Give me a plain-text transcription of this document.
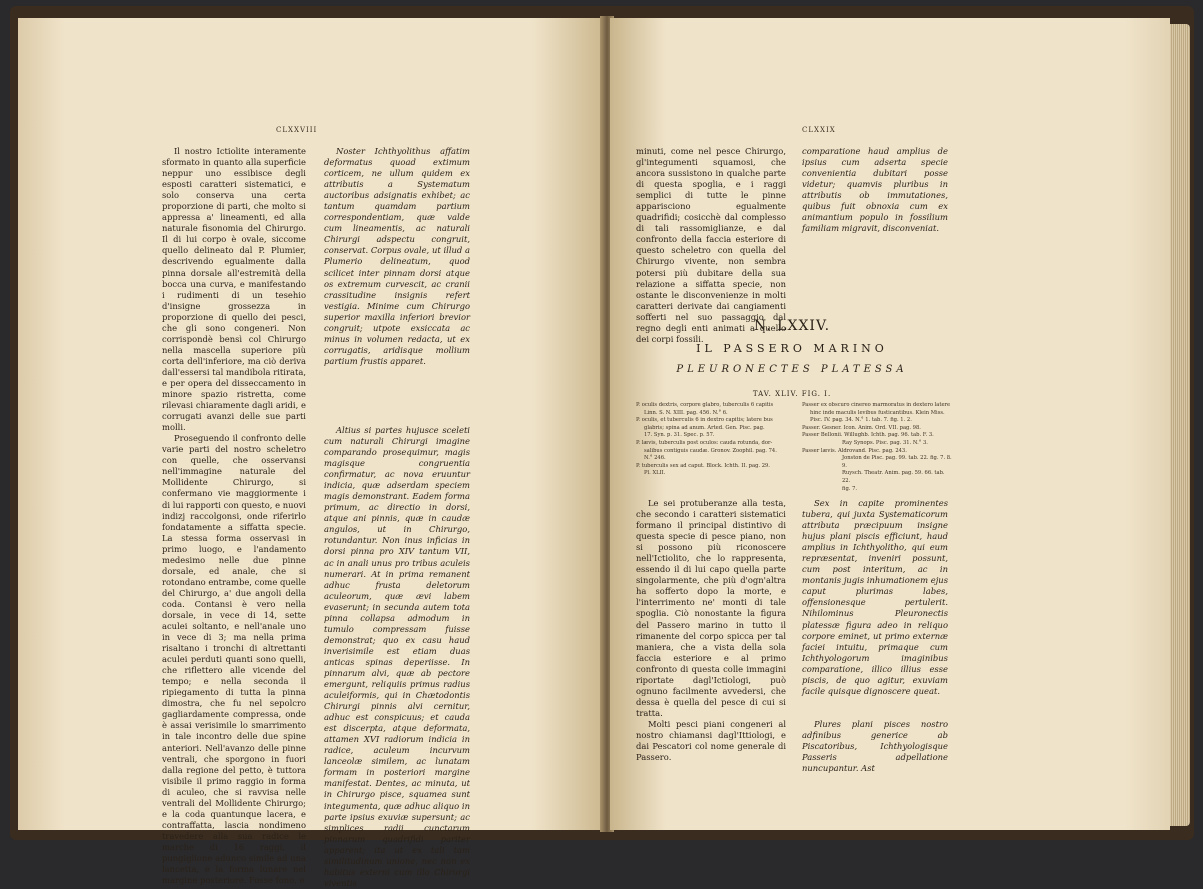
CLXXVIII

Il nostro Ictiolite interamente sformato in quanto alla superficie neppur uno essibisce degli esposti caratteri sistematici, e solo conserva una certa proporzione di parti, che molto si appressa a' lineamenti, ed alla naturale fisonomia del Chirurgo. Il di lui corpo è ovale, siccome quello delineato dal P. Plumier, descrivendo egualmente dalla pinna dorsale all'estremità della bocca una curva, e manifestando i rudimenti di un tesehio d'insigne grossezza in proporzione di quello dei pesci, che gli sono congeneri. Non corrispondè bensì col Chirurgo nella mascella superiore più corta dell'inferiore, ma ciò deriva dall'essersi tal mandibola ritirata, e per opera del disseccamento in minore spazio ristretta, come rilevasi chiaramente dagli aridi, e corrugati avanzi delle sue parti molli.

Proseguendo il confronto delle varie parti del nostro scheletro con quelle, che osservansi nell'immagine naturale del Mollidente Chirurgo, si confermano vie maggiormente i di lui rapporti con questo, e nuovi indizj raccolgonsi, onde riferirlo fondatamente a siffatta specie. La stessa forma osservasi in primo luogo, e l'andamento medesimo nelle due pinne dorsale, ed anale, che si rotondano entrambe, come quelle del Chirurgo, a' due angoli della coda. Contansi è vero nella dorsale, in vece di 14, sette aculei soltanto, e nell'anale uno in vece di 3; ma nella prima risaltano i tronchi di altrettanti aculei perduti quanti sono quelli, che riflettero alle vicende del tempo; e nella seconda il ripiegamento di tutta la pinna dimostra, che fu nel sepolcro gagliardamente compressa, onde è assai verisimile lo smarrimento in tale incontro delle due spine anteriori. Nell'avanzo delle pinne ventrali, che sporgono in fuori dalla regione del petto, è tuttora visibile il primo raggio in forma di aculeo, che si ravvisa nelle ventrali del Mollidente Chirurgo; e la coda quantunque lacera, e contraffatta, lascia nondimeno travedere alla sua radice le marche di 16 raggi, il pungiglione adunco simile ad una lancetta, e la forma lunare nel margine posteriore. Fosse fono, e

Noster Ichthyolithus affatim deformatus quoad extimum corticem, ne ullum quidem ex attributis a Systematum auctoribus adsignatis exhibet; ac tantum quamdam partium correspondentiam, quæ valde cum lineamentis, ac naturali Chirurgi adspectu congruit, conservat. Corpus ovale, ut illud a Plumerio delineatum, quod scilicet inter pinnam dorsi atque os extremum curvescit, ac cranii crassitudine insignis refert vestigia. Minime cum Chirurgo superior maxilla inferiori brevior congruit; utpote exsiccata ac minus in volumen redacta, ut ex corrugatis, aridisque mollium partium frustis apparet.

Altius si partes hujusce sceleti cum naturali Chirurgi imagine comparando prosequimur, magis magisque congruentia confirmatur, ac nova eruuntur indicia, quæ adserdam speciem magis demonstrant. Eadem forma primum, ac directio in dorsi, atque ani pinnis, quæ in caudæ angulos, ut in Chirurgo, rotundantur. Non inus inficias in dorsi pinna pro XIV tantum VII, ac in anali unus pro tribus aculeis numerari. At in prima remanent adhuc frusta deletorum aculeorum, quæ ævi labem evaserunt; in secunda autem tota pinna collapsa admodum in tumulo compressam fuisse demonstrat; quo ex casu haud inverisimile est etiam duas anticas spinas deperiisse. In pinnarum alvi, quæ ab pectore emergunt, reliquiis primus radius aculeiformis, qui in Chætodontis Chirurgi pinnis alvi cernitur, adhuc est conspicuus; et cauda est discerpta, atque deformata, attamen XVI radiorum indicia in radice, aculeum incurvum lanceolæ similem, ac lunatam formam in posteriori margine manifestat. Dentes, ac minuta, ut in Chirurgo pisce, squamea sunt integumenta, quæ adhuc aliquo in parte ipsius exuviæ supersunt; ac simplices radii cunctarum pinnarum quadrifidi pariter apparent; ita ut ex tali tam similitudinum unione, nec non ex habitus externi cum illo Chirurgi viventis

CLXXIX

minuti, come nel pesce Chirurgo, gl'integumenti squamosi, che ancora sussistono in qualche parte di questa spoglia, e i raggi semplici di tutte le pinne apparisciono egualmente quadrifidi; cosicchè dal complesso di tali rassomiglianze, e dal confronto della faccia esteriore di questo scheletro con quella del Chirurgo vivente, non sembra potersi più dubitare della sua relazione a siffatta specie, non ostante le disconvenienze in molti caratteri derivate dai cangiamenti sofferti nel suo passaggio dal regno degli enti animati a quello dei corpi fossili.

comparatione haud amplius de ipsius cum adserta specie convenientia dubitari posse videtur; quamvis pluribus in attributis ob immutationes, quibus fuit obnoxia cum ex animantium populo in fossilium familiam migravit, disconveniat.

N. LXXIV.
IL PASSERO MARINO
PLEURONECTES PLATESSA
TAV. XLIV. FIG. I.
P. oculis dextris, corpore glabro, tuberculis 6 capitis
Linn. S. N. XIII. pag. 456. N.° 6.
P. oculis, et tuberculis 6 in dextro capitis; latere bus
glabris; spina ad anum. Arted. Gen. Pisc. pag.
17. Syn. p. 31. Spec. p. 57.
P. lævis, tuberculis post oculos: cauda rotunda, dor-
salibus contiguis caudæ. Gronov. Zoophil. pag. 74.
N.° 246.
P. tuberculis sex ad caput. Block. Ichth. II. pag. 29.
Pl. XLII.
Passer ex obscuro cinereo marmoratus in dextero latere
hinc inde maculis levibus fusticantibus. Klein Miss.
Pisc. IV. pag. 34. N.° 1. tab. 7. fig. 1. 2.
Passer. Gesner. Icon. Anim. Ord. VII. pag. 98.
Passer Bellonii. Willughb. Ichth. pag. 96. tab. F. 3.
Ray Synops. Pisc. pag. 31. N.° 3.
Passer lævis. Aldrovand. Pisc. pag. 243.
Jonston de Pisc. pag. 99. tab. 22. fig. 7. 8. 9.
Ruysch. Theatr. Anim. pag. 59. 66. tab. 22.
fig. 7.

Le sei protuberanze alla testa, che secondo i caratteri sistematici formano il principal distintivo di questa specie di pesce piano, non si possono più riconoscere nell'Ictiolito, che lo rappresenta, essendo il di lui capo quella parte singolarmente, che più d'ogn'altra ha sofferto dopo la morte, e l'interrimento ne' monti di tale spoglia. Ciò nonostante la figura del Passero marino in tutto il rimanente del corpo spicca per tal maniera, che a vista della sola faccia esteriore e al primo confronto di questa colle immagini riportate dagl'Ictiologi, può ognuno facilmente avvedersi, che dessa è quella del pesce di cui si tratta.

Molti pesci piani congeneri al nostro chiamansi dagl'Ittiologi, e dai Pescatori col nome generale di Passero.

Sex in capite prominentes tubera, qui juxta Systematicorum attributa præcipuum insigne hujus plani piscis efficiunt, haud amplius in Ichthyolitho, qui eum repræsentat, inveniri possunt, cum post interitum, ac in montanis jugis inhumationem ejus caput plurimas labes, offensionesque pertulerit. Nihilominus Pleuronectis platessæ figura adeo in reliquo corpore eminet, ut primo externæ faciei intuitu, primaque cum Ichthyologorum imaginibus comparatione, illico illius esse piscis, de quo agitur, exuviam facile quisque dignoscere queat.

Plures plani pisces nostro adfinibus generice ab Piscatoribus, Ichthyologisque Passeris adpellatione nuncupantur. Ast
